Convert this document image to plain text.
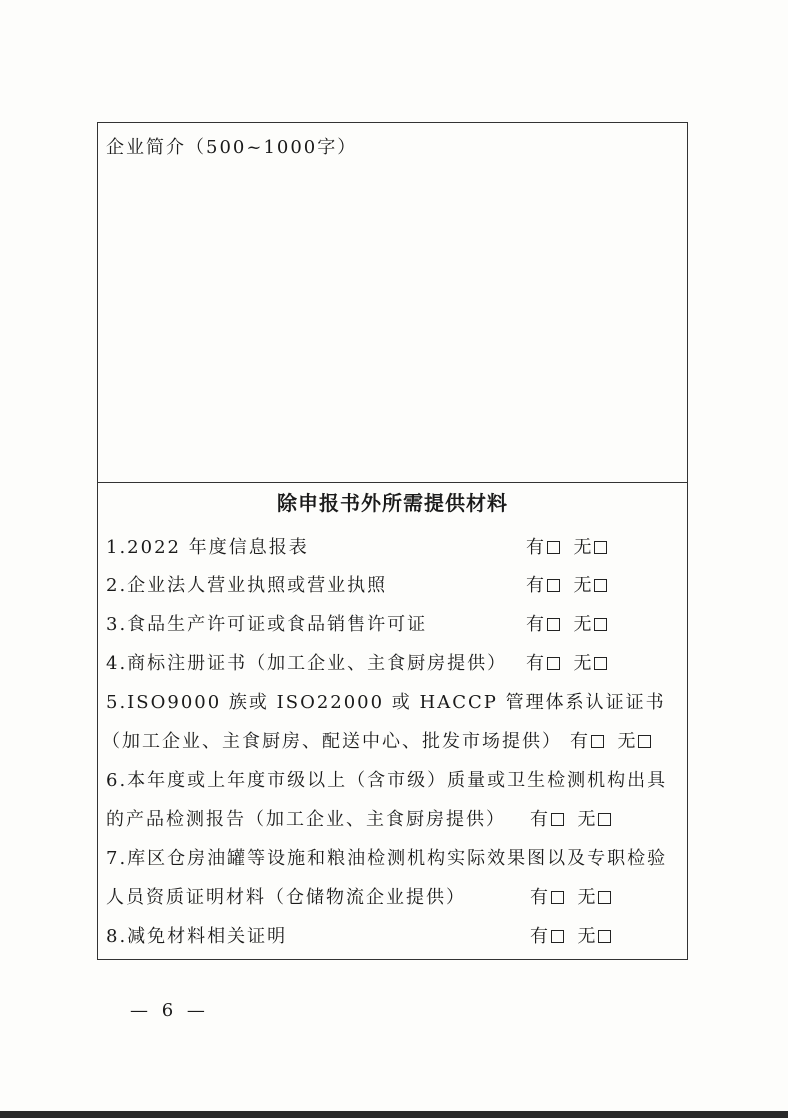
企业简介（500~1000字）
除申报书外所需提供材料
1.2022 年度信息报表	有 无
2.企业法人营业执照或营业执照	有 无
3.食品生产许可证或食品销售许可证	有 无
4.商标注册证书（加工企业、主食厨房提供） 有 无
5.ISO9000 族或 ISO22000 或 HACCP 管理体系认证证书
（加工企业、主食厨房、配送中心、批发市场提供） 有 无
6.本年度或上年度市级以上（含市级）质量或卫生检测机构出具
的产品检测报告（加工企业、主食厨房提供） 有 无
7.库区仓房油罐等设施和粮油检测机构实际效果图以及专职检验
人员资质证明材料（仓储物流企业提供）	有 无
8.减免材料相关证明	有 无
— 6 —
